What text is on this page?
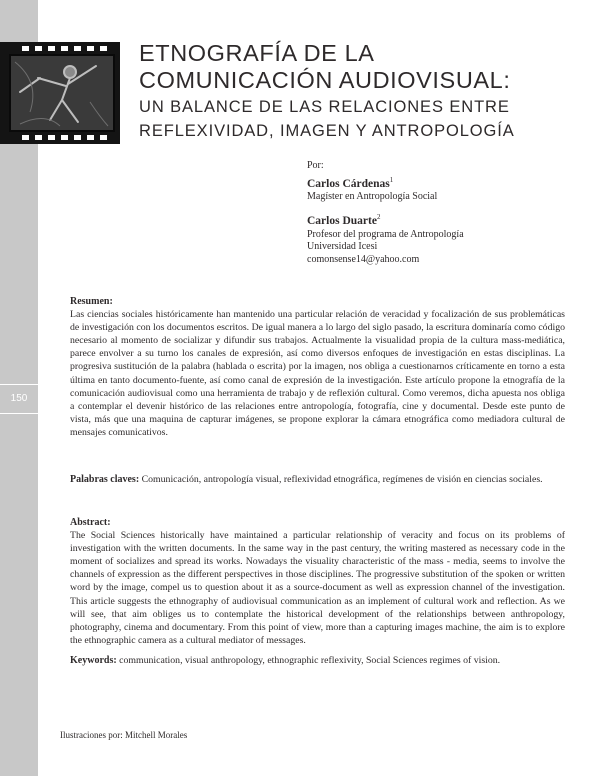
150
ETNOGRAFÍA DE LA
COMUNICACIÓN AUDIOVISUAL:
UN BALANCE DE LAS RELACIONES ENTRE
REFLEXIVIDAD, IMAGEN Y ANTROPOLOGÍA
Por:
Carlos Cárdenas$^1$
Magíster en Antropología Social
Carlos Duarte$^2$
Profesor del programa de Antropología
Universidad Icesi
comonsense14@yahoo.com
Resumen:

Las ciencias sociales históricamente han mantenido una particular relación de veracidad y focalización de sus problemáticas de investigación con los documentos escritos. De igual manera a lo largo del siglo pasado, la escritura dominaría como código necesario al momento de socializar y difundir sus trabajos. Actualmente la visualidad propia de la cultura mass-mediática, parece envolver a su turno los canales de expresión, así como diversos enfoques de investigación en estas disciplinas. La progresiva sustitución de la palabra (hablada o escrita) por la imagen, nos obliga a cuestionarnos críticamente en torno a esta última en tanto documento-fuente, así como canal de expresión de la investigación. Este artículo propone la etnografía de la comunicación audiovisual como una herramienta de trabajo y de reflexión cultural. Como veremos, dicha apuesta nos obliga a contemplar el devenir histórico de las relaciones entre antropología, fotografía, cine y documental. Desde este punto de vista, más que una maquina de capturar imágenes, se propone explorar la cámara etnográfica como mediadora cultural de mensajes comunicativos.

Palabras claves: Comunicación, antropología visual, reflexividad etnográfica, regímenes de visión en ciencias sociales.

Abstract:

The Social Sciences historically have maintained a particular relationship of veracity and focus on its problems of investigation with the written documents. In the same way in the past century, the writing mastered as necessary code in the moment of socializes and spread its works. Nowadays the visuality characteristic of the mass - media, seems to involve the channels of expression as the different perspectives in those disciplines. The progressive substitution of the spoken or written word by the image, compel us to question about it as a source-document as well as expression channel of the investigation. This article suggests the ethnography of audiovisual communication as an implement of cultural work and reflection. As we will see, that aim obliges us to contemplate the historical development of the relationships between anthropology, photography, cinema and documentary. From this point of view, more than a capturing images machine, the aim is to explore the ethnographic camera as a cultural mediator of messages.

Keywords: communication, visual anthropology, ethnographic reflexivity, Social Sciences regimes of vision.

Ilustraciones por: Mitchell Morales
